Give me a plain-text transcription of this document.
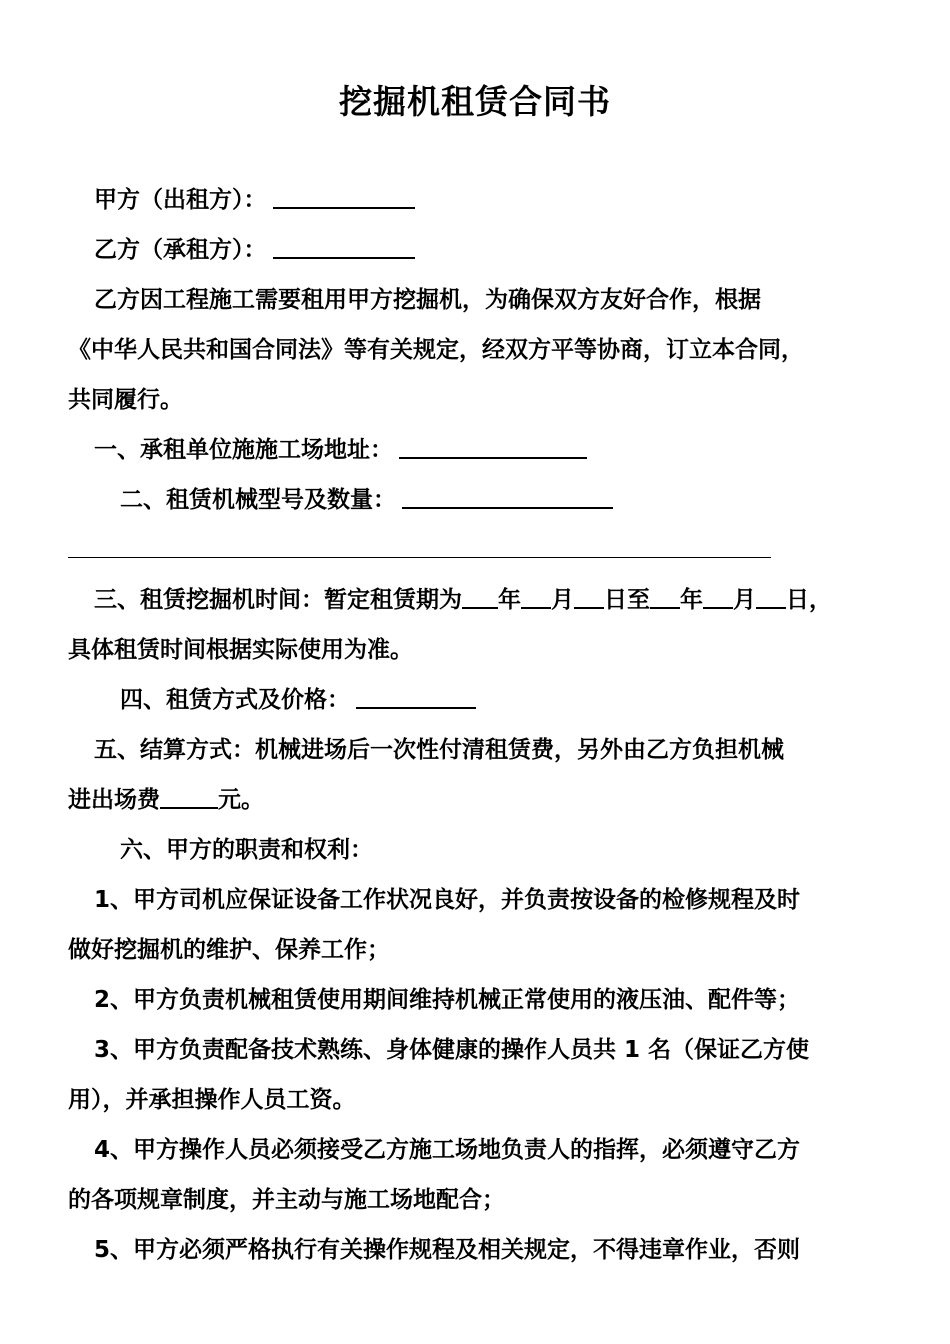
挖掘机租赁合同书
甲方（出租方）：
乙方（承租方）：
乙方因工程施工需要租用甲方挖掘机，为确保双方友好合作，根据
《中华人民共和国合同法》等有关规定，经双方平等协商，订立本合同，
共同履行。
一、承租单位施施工场地址：
二、租赁机械型号及数量：
三、租赁挖掘机时间：暂定租赁期为 年 月 日至 年 月 日，
具体租赁时间根据实际使用为准。
四、租赁方式及价格：
五、结算方式：机械进场后一次性付清租赁费，另外由乙方负担机械
进出场费	元。
六、甲方的职责和权利：
1、甲方司机应保证设备工作状况良好，并负责按设备的检修规程及时
做好挖掘机的维护、保养工作；
2、甲方负责机械租赁使用期间维持机械正常使用的液压油、配件等；
3、甲方负责配备技术熟练、身体健康的操作人员共 1 名（保证乙方使
用），并承担操作人员工资。
4、甲方操作人员必须接受乙方施工场地负责人的指挥，必须遵守乙方
的各项规章制度，并主动与施工场地配合；
5、甲方必须严格执行有关操作规程及相关规定，不得违章作业，否则
